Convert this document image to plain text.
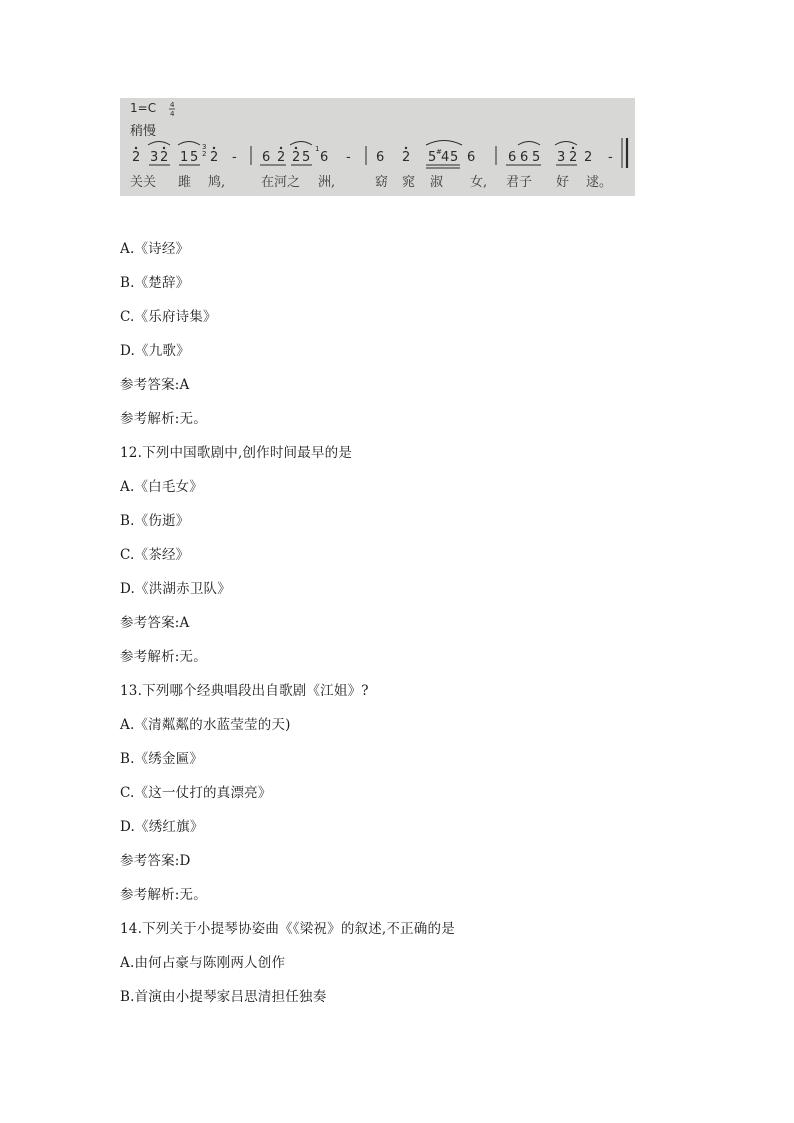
1=C 4
4
稍慢
2 3 2 1 5
3
2 2 - 6 2 2 5
1
6 - 6 2 5 # 4 5 6	6 6 5 3 2 2 -
关关 雎 鸠,	在河之 洲,	窈 窕 淑 女, 君子 好 逑。
A.《诗经》
B.《楚辞》
C.《乐府诗集》
D.《九歌》
参考答案:A
参考解析:无。
12.下列中国歌剧中,创作时间最早的是
A.《白毛女》
B.《伤逝》
C.《茶经》
D.《洪湖赤卫队》
参考答案:A
参考解析:无。
13.下列哪个经典唱段出自歌剧《江姐》?
A.《清粼粼的水蓝莹莹的天)
B.《绣金匾》
C.《这一仗打的真漂亮》
D.《绣红旗》
参考答案:D
参考解析:无。
14.下列关于小提琴协姿曲《《梁祝》的叙述,不正确的是
A.由何占豪与陈刚两人创作
B.首演由小提琴家吕思清担任独奏
